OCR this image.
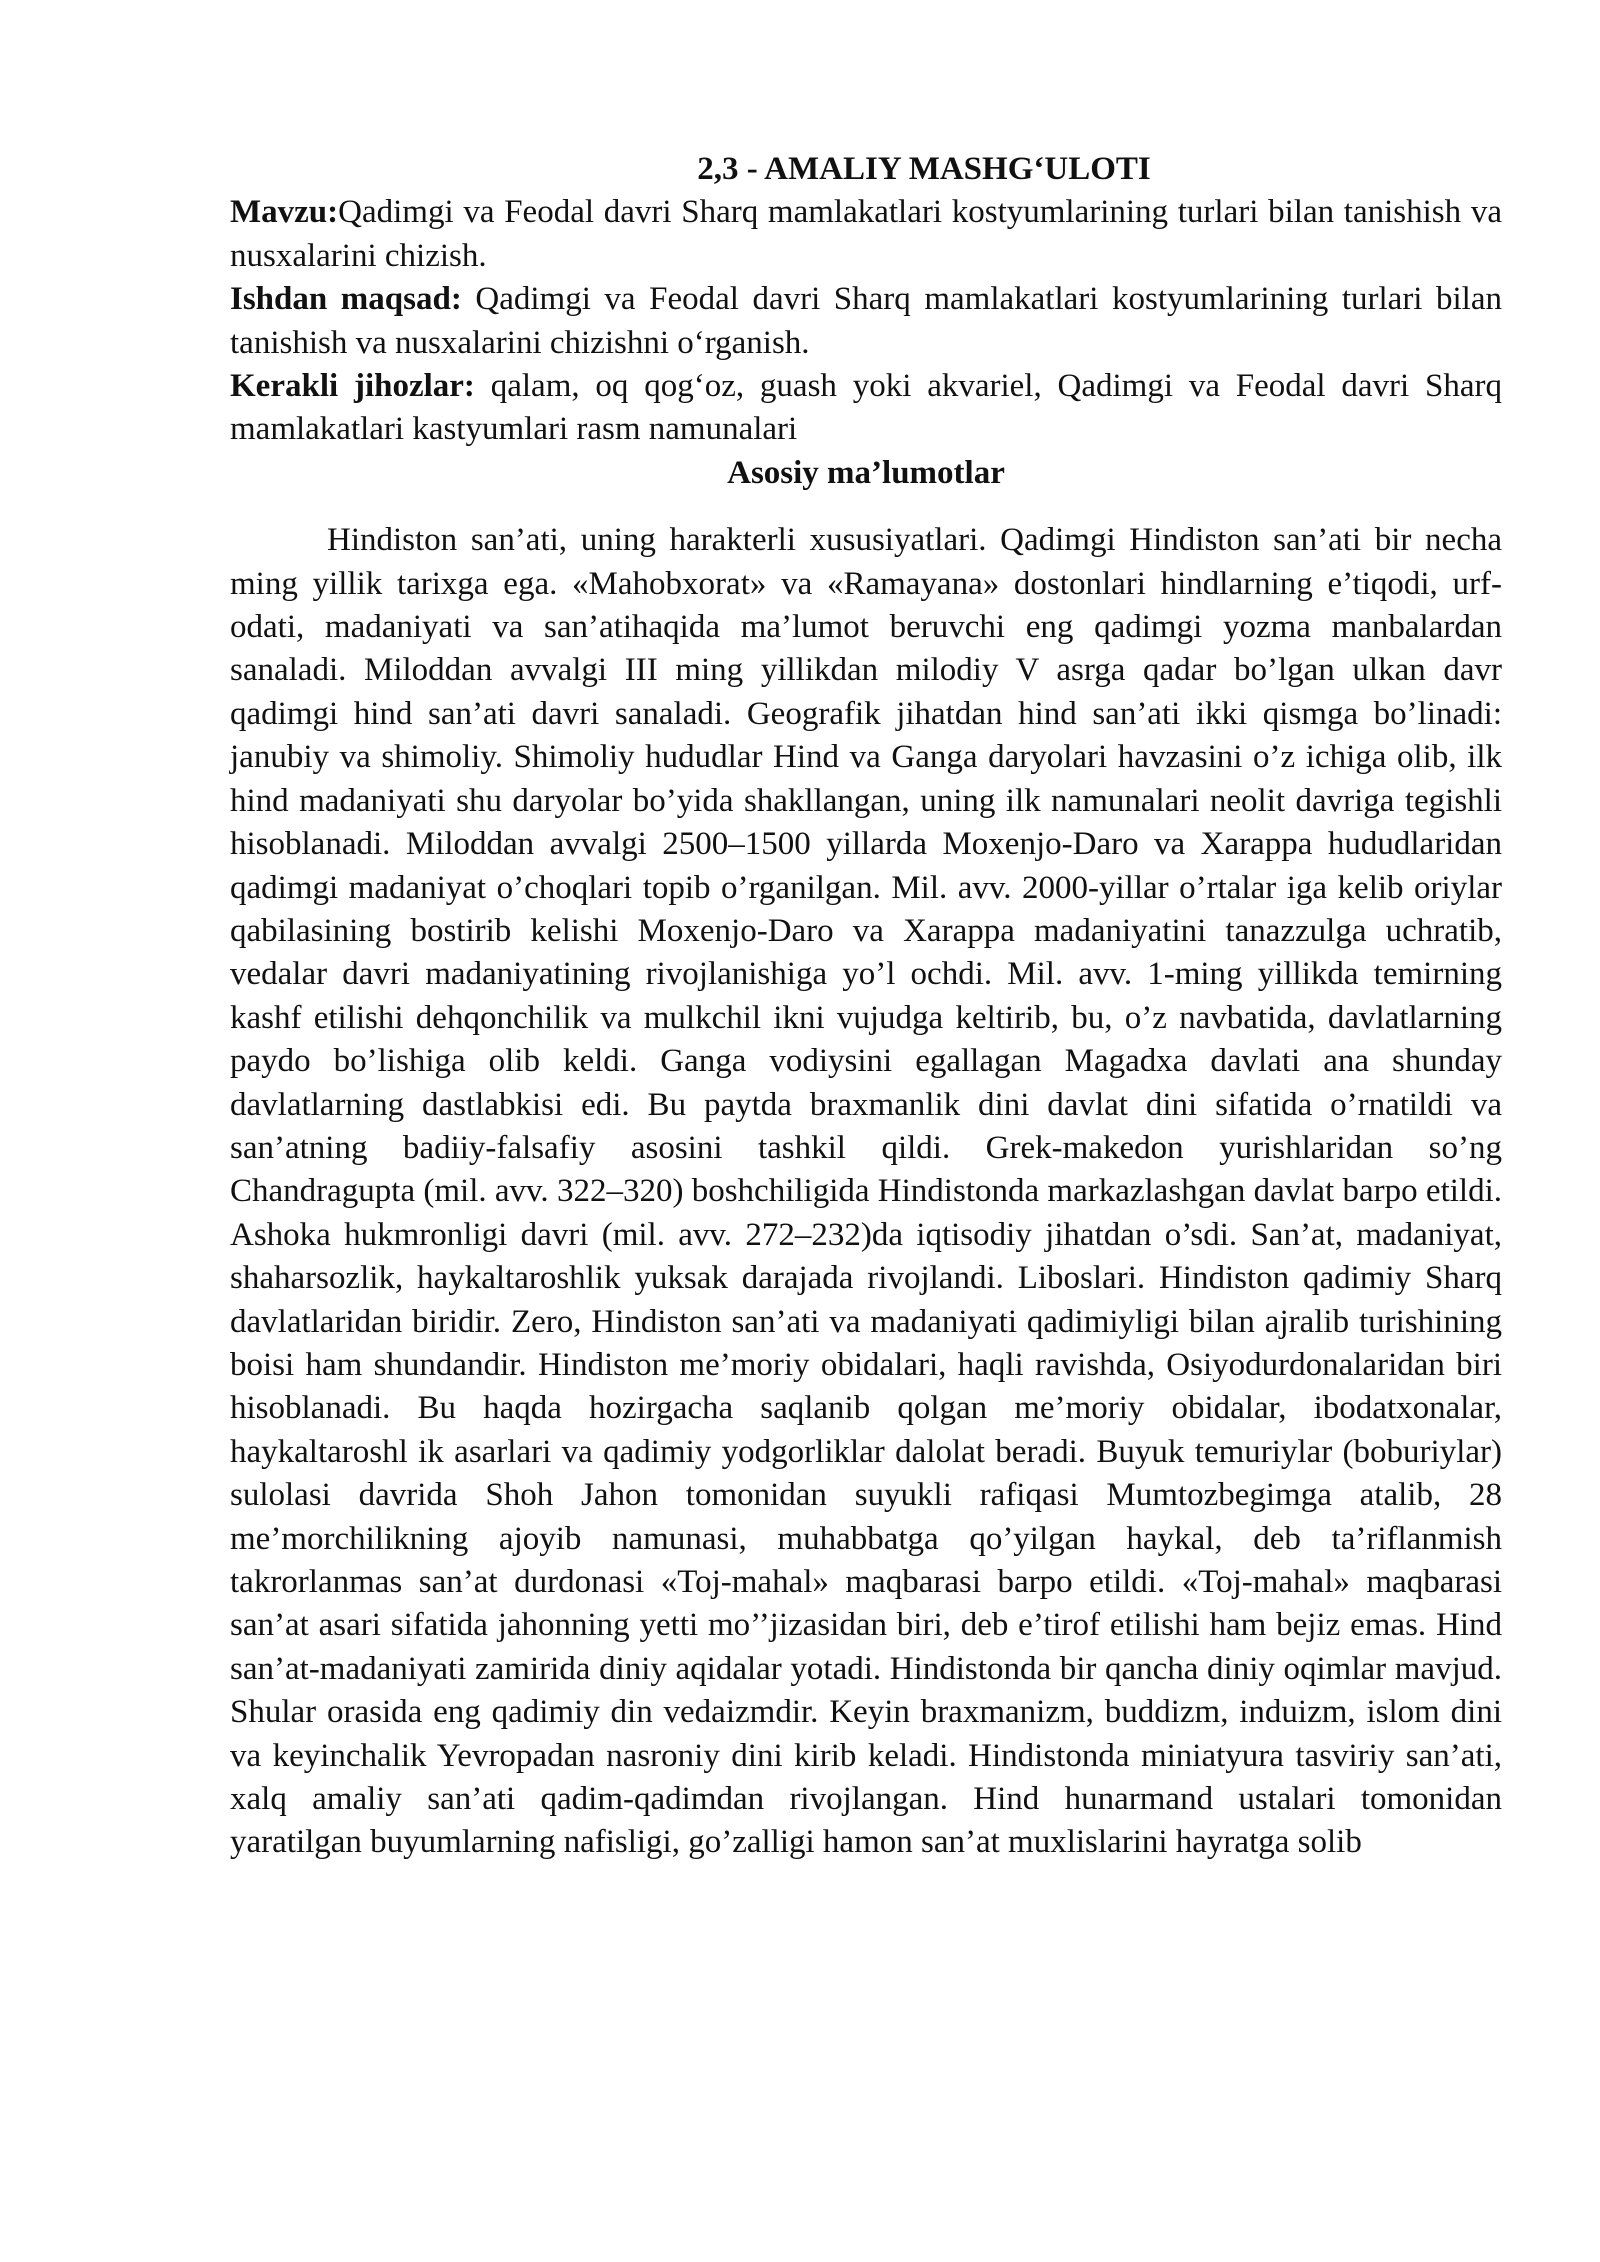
2,3 - AMALIY MASHG‘ULOTI

Mavzu:Qadimgi va Feodal davri Sharq mamlakatlari kostyumlarining turlari bilan tanishish va nusxalarini chizish.

Ishdan maqsad: Qadimgi va Feodal davri Sharq mamlakatlari kostyumlarining turlari bilan tanishish va nusxalarini chizishni o‘rganish.

Kerakli jihozlar: qalam, oq qog‘oz, guash yoki akvariel, Qadimgi va Feodal davri Sharq mamlakatlari kastyumlari rasm namunalari

Asosiy ma’lumotlar

Hindiston san’ati, uning harakterli xususiyatlari. Qadimgi Hindiston san’ati bir necha ming yillik tarixga ega. «Mahobxorat» va «Ramayana» dostonlari hindlarning e’tiqodi, urf-odati, madaniyati va san’atihaqida ma’lumot beruvchi eng qadimgi yozma manbalardan sanaladi. Miloddan avvalgi III ming yillikdan milodiy V asrga qadar bo’lgan ulkan davr qadimgi hind san’ati davri sanaladi. Geografik jihatdan hind san’ati ikki qismga bo’linadi: janubiy va shimoliy. Shimoliy hududlar Hind va Ganga daryolari havzasini o’z ichiga olib, ilk hind madaniyati shu daryolar bo’yida shakllangan, uning ilk namunalari neolit davriga tegishli hisoblanadi. Miloddan avvalgi 2500–1500 yillarda Moxenjo-Daro va Xarappa hududlaridan qadimgi madaniyat o’choqlari topib o’rganilgan. Mil. avv. 2000-yillar o’rtalar iga kelib oriylar qabilasining bostirib kelishi Moxenjo-Daro va Xarappa madaniyatini tanazzulga uchratib, vedalar davri madaniyatining rivojlanishiga yo’l ochdi. Mil. avv. 1-ming yillikda temirning kashf etilishi dehqonchilik va mulkchil ikni vujudga keltirib, bu, o’z navbatida, davlatlarning paydo bo’lishiga olib keldi. Ganga vodiysini egallagan Magadxa davlati ana shunday davlatlarning dastlabkisi edi. Bu paytda braxmanlik dini davlat dini sifatida o’rnatildi va san’atning badiiy-falsafiy asosini tashkil qildi. Grek-makedon yurishlaridan so’ng Chandragupta (mil. avv. 322–320) boshchiligida Hindistonda markazlashgan davlat barpo etildi. Ashoka hukmronligi davri (mil. avv. 272–232)da iqtisodiy jihatdan o’sdi. San’at, madaniyat, shaharsozlik, haykaltaroshlik yuksak darajada rivojlandi. Liboslari. Hindiston qadimiy Sharq davlatlaridan biridir. Zero, Hindiston san’ati va madaniyati qadimiyligi bilan ajralib turishining boisi ham shundandir. Hindiston me’moriy obidalari, haqli ravishda, Osiyodurdonalaridan biri hisoblanadi. Bu haqda hozirgacha saqlanib qolgan me’moriy obidalar, ibodatxonalar, haykaltaroshl ik asarlari va qadimiy yodgorliklar dalolat beradi. Buyuk temuriylar (boburiylar) sulolasi davrida Shoh Jahon tomonidan suyukli rafiqasi Mumtozbegimga atalib, 28 me’morchilikning ajoyib namunasi, muhabbatga qo’yilgan haykal, deb ta’riflanmish takrorlanmas san’at durdonasi «Toj-mahal» maqbarasi barpo etildi. «Toj-mahal» maqbarasi san’at asari sifatida jahonning yetti mo’’jizasidan biri, deb e’tirof etilishi ham bejiz emas. Hind san’at-madaniyati zamirida diniy aqidalar yotadi. Hindistonda bir qancha diniy oqimlar mavjud. Shular orasida eng qadimiy din vedaizmdir. Keyin braxmanizm, buddizm, induizm, islom dini va keyinchalik Yevropadan nasroniy dini kirib keladi. Hindistonda miniatyura tasviriy san’ati, xalq amaliy san’ati qadim-qadimdan rivojlangan. Hind hunarmand ustalari tomonidan yaratilgan buyumlarning nafisligi, go’zalligi hamon san’at muxlislarini hayratga solib
